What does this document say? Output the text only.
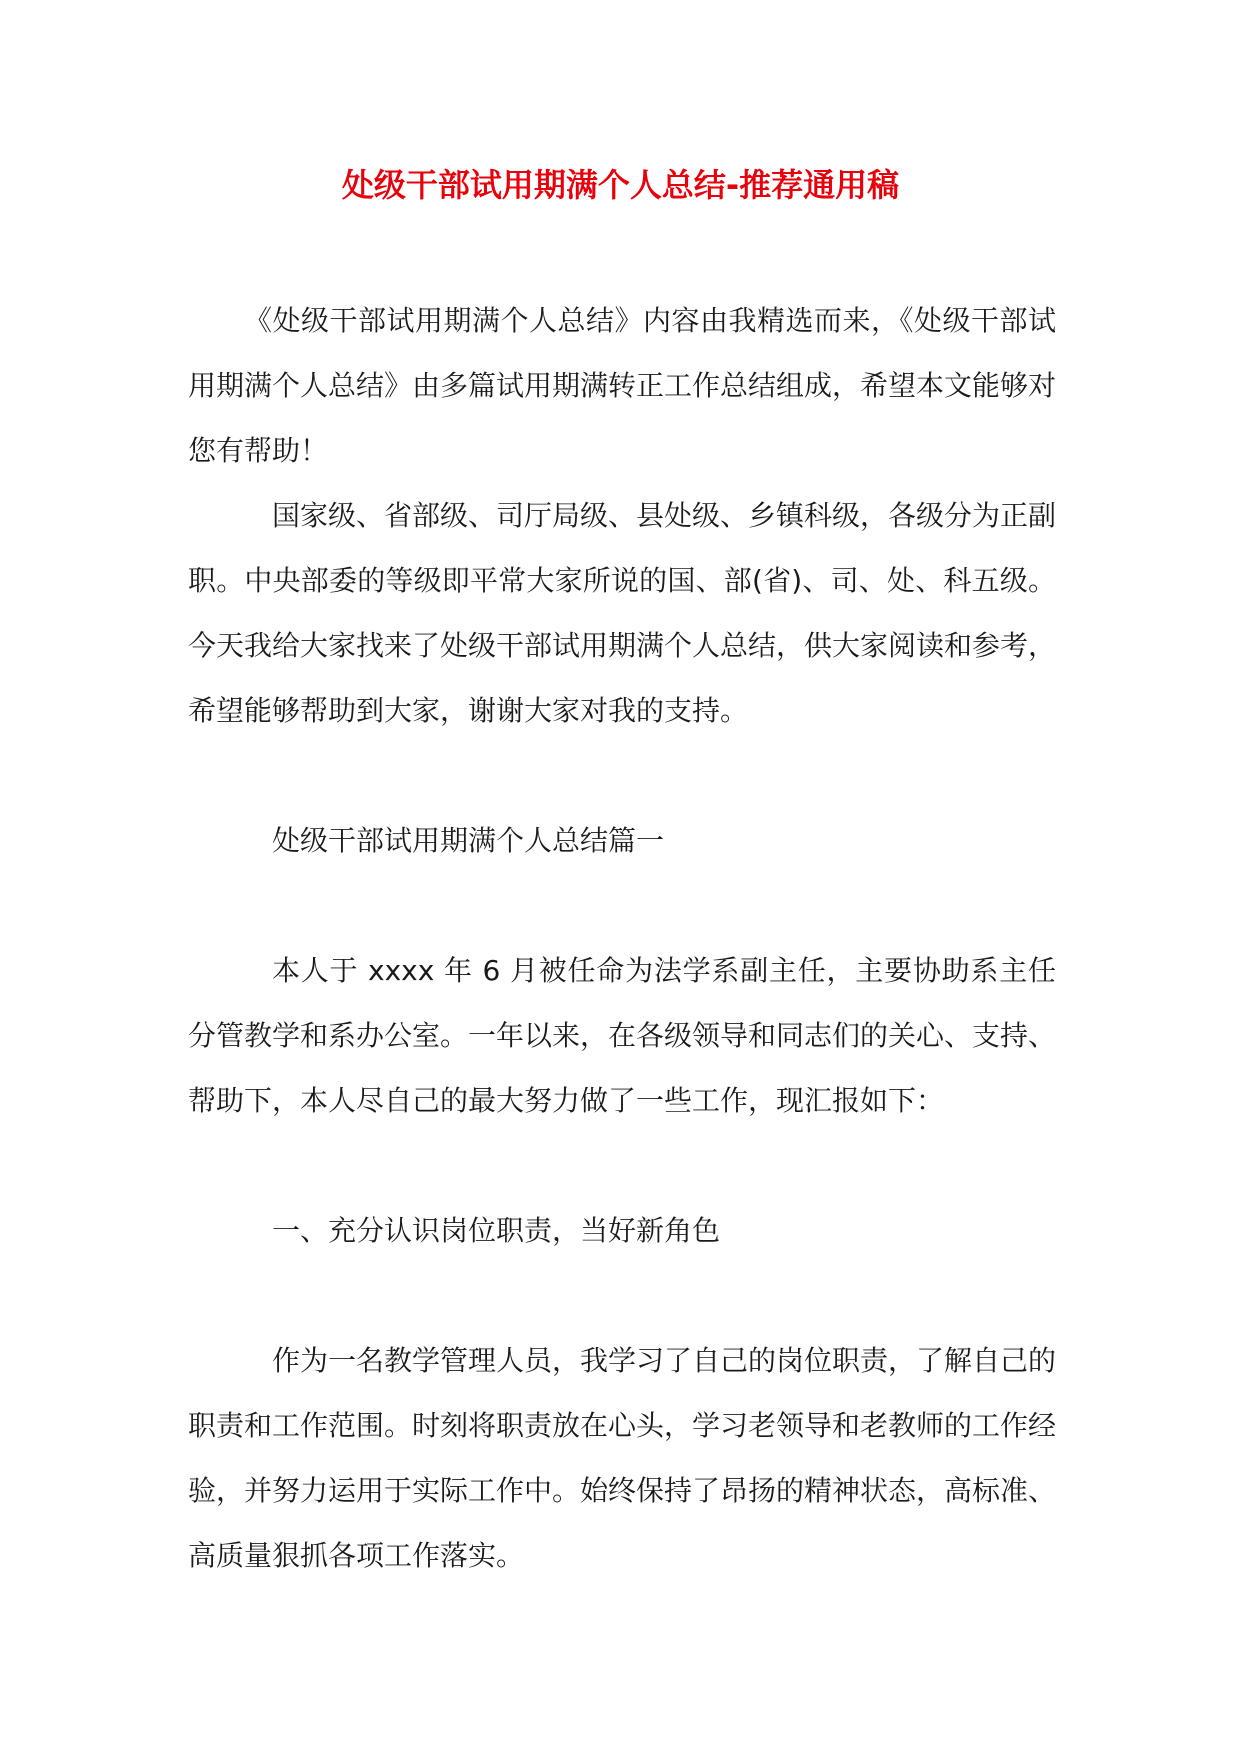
处级干部试用期满个人总结-推荐通用稿

《处级干部试用期满个人总结》内容由我精选而来，《处级干部试用期满个人总结》由多篇试用期满转正工作总结组成，希望本文能够对您有帮助！

国家级、省部级、司厅局级、县处级、乡镇科级，各级分为正副职。中央部委的等级即平常大家所说的国、部(省)、司、处、科五级。今天我给大家找来了处级干部试用期满个人总结，供大家阅读和参考，希望能够帮助到大家，谢谢大家对我的支持。

处级干部试用期满个人总结篇一

本人于 xxxx 年 6 月被任命为法学系副主任，主要协助系主任分管教学和系办公室。一年以来，在各级领导和同志们的关心、支持、帮助下，本人尽自己的最大努力做了一些工作，现汇报如下：

一、充分认识岗位职责，当好新角色

作为一名教学管理人员，我学习了自己的岗位职责，了解自己的职责和工作范围。时刻将职责放在心头，学习老领导和老教师的工作经验，并努力运用于实际工作中。始终保持了昂扬的精神状态，高标准、高质量狠抓各项工作落实。
